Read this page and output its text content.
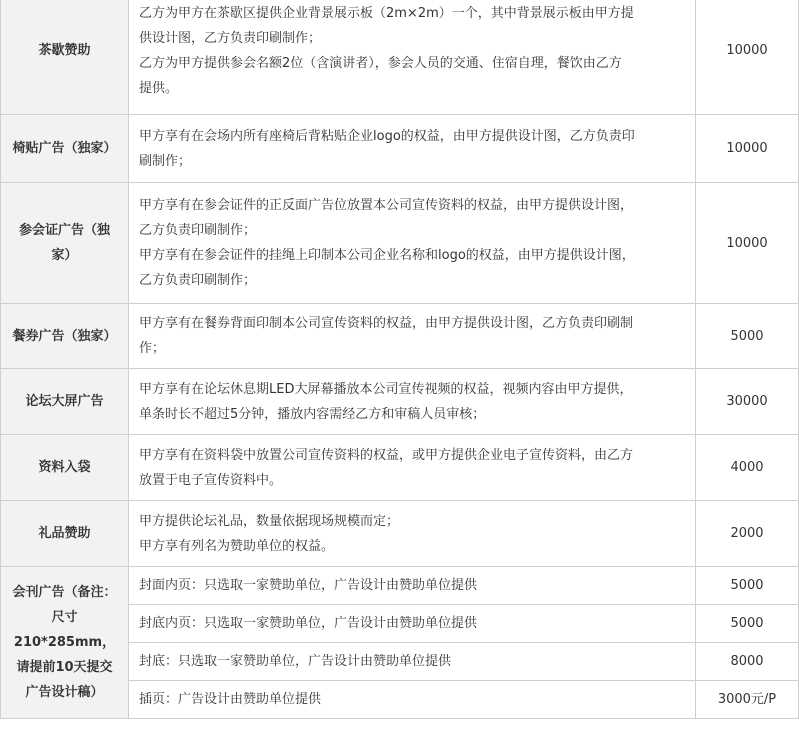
茶歇赞助	乙方为甲方在茶歇区提供企业背景展示板（2m×2m）一个，其中背景展示板由甲方提
供设计图，乙方负责印刷制作；
乙方为甲方提供参会名额2位（含演讲者），参会人员的交通、住宿自理，餐饮由乙方
提供。	10000
椅贴广告（独家）	甲方享有在会场内所有座椅后背粘贴企业logo的权益，由甲方提供设计图，乙方负责印
刷制作；	10000
参会证广告（独家）	甲方享有在参会证件的正反面广告位放置本公司宣传资料的权益，由甲方提供设计图，
乙方负责印刷制作；
甲方享有在参会证件的挂绳上印制本公司企业名称和logo的权益，由甲方提供设计图，
乙方负责印刷制作；	10000
餐券广告（独家）	甲方享有在餐券背面印制本公司宣传资料的权益，由甲方提供设计图，乙方负责印刷制
作；	5000
论坛大屏广告	甲方享有在论坛休息期LED大屏幕播放本公司宣传视频的权益，视频内容由甲方提供，
单条时长不超过5分钟，播放内容需经乙方和审稿人员审核；	30000
资料入袋	甲方享有在资料袋中放置公司宣传资料的权益，或甲方提供企业电子宣传资料，由乙方
放置于电子宣传资料中。	4000
礼品赞助	甲方提供论坛礼品，数量依据现场规模而定；
甲方享有列名为赞助单位的权益。	2000
会刊广告（备注：尺寸210*285mm，请提前10天提交广告设计稿）	封面内页：只选取一家赞助单位，广告设计由赞助单位提供	5000
	封底内页：只选取一家赞助单位，广告设计由赞助单位提供	5000
	封底：只选取一家赞助单位，广告设计由赞助单位提供	8000
	插页：广告设计由赞助单位提供	3000元/P
